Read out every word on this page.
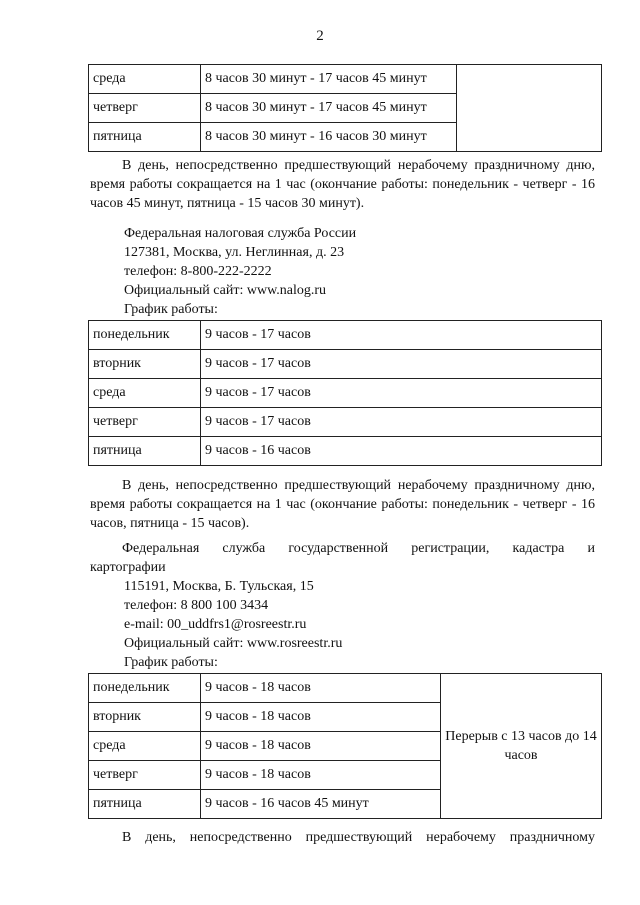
2
среда	8 часов 30 минут - 17 часов 45 минут	
четверг	8 часов 30 минут - 17 часов 45 минут	
пятница	8 часов 30 минут - 16 часов 30 минут	
В день, непосредственно предшествующий нерабочему праздничному дню, время работы сокращается на 1 час (окончание работы: понедельник - четверг - 16 часов 45 минут, пятница - 15 часов 30 минут).
Федеральная налоговая служба России
127381, Москва, ул. Неглинная, д. 23
телефон: 8-800-222-2222
Официальный сайт: www.nalog.ru
График работы:
понедельник	9 часов - 17 часов
вторник	9 часов - 17 часов
среда	9 часов - 17 часов
четверг	9 часов - 17 часов
пятница	9 часов - 16 часов
В день, непосредственно предшествующий нерабочему праздничному дню, время работы сокращается на 1 час (окончание работы: понедельник - четверг - 16 часов, пятница - 15 часов).
Федеральная служба государственной регистрации, кадастра и
картографии
115191, Москва, Б. Тульская, 15
телефон: 8 800 100 3434
e-mail: 00_uddfrs1@rosreestr.ru
Официальный сайт: www.rosreestr.ru
График работы:
понедельник	9 часов - 18 часов	Перерыв с 13 часов до 14 часов
вторник	9 часов - 18 часов	
среда	9 часов - 18 часов	
четверг	9 часов - 18 часов	
пятница	9 часов - 16 часов 45 минут	
В день, непосредственно предшествующий нерабочему праздничному
